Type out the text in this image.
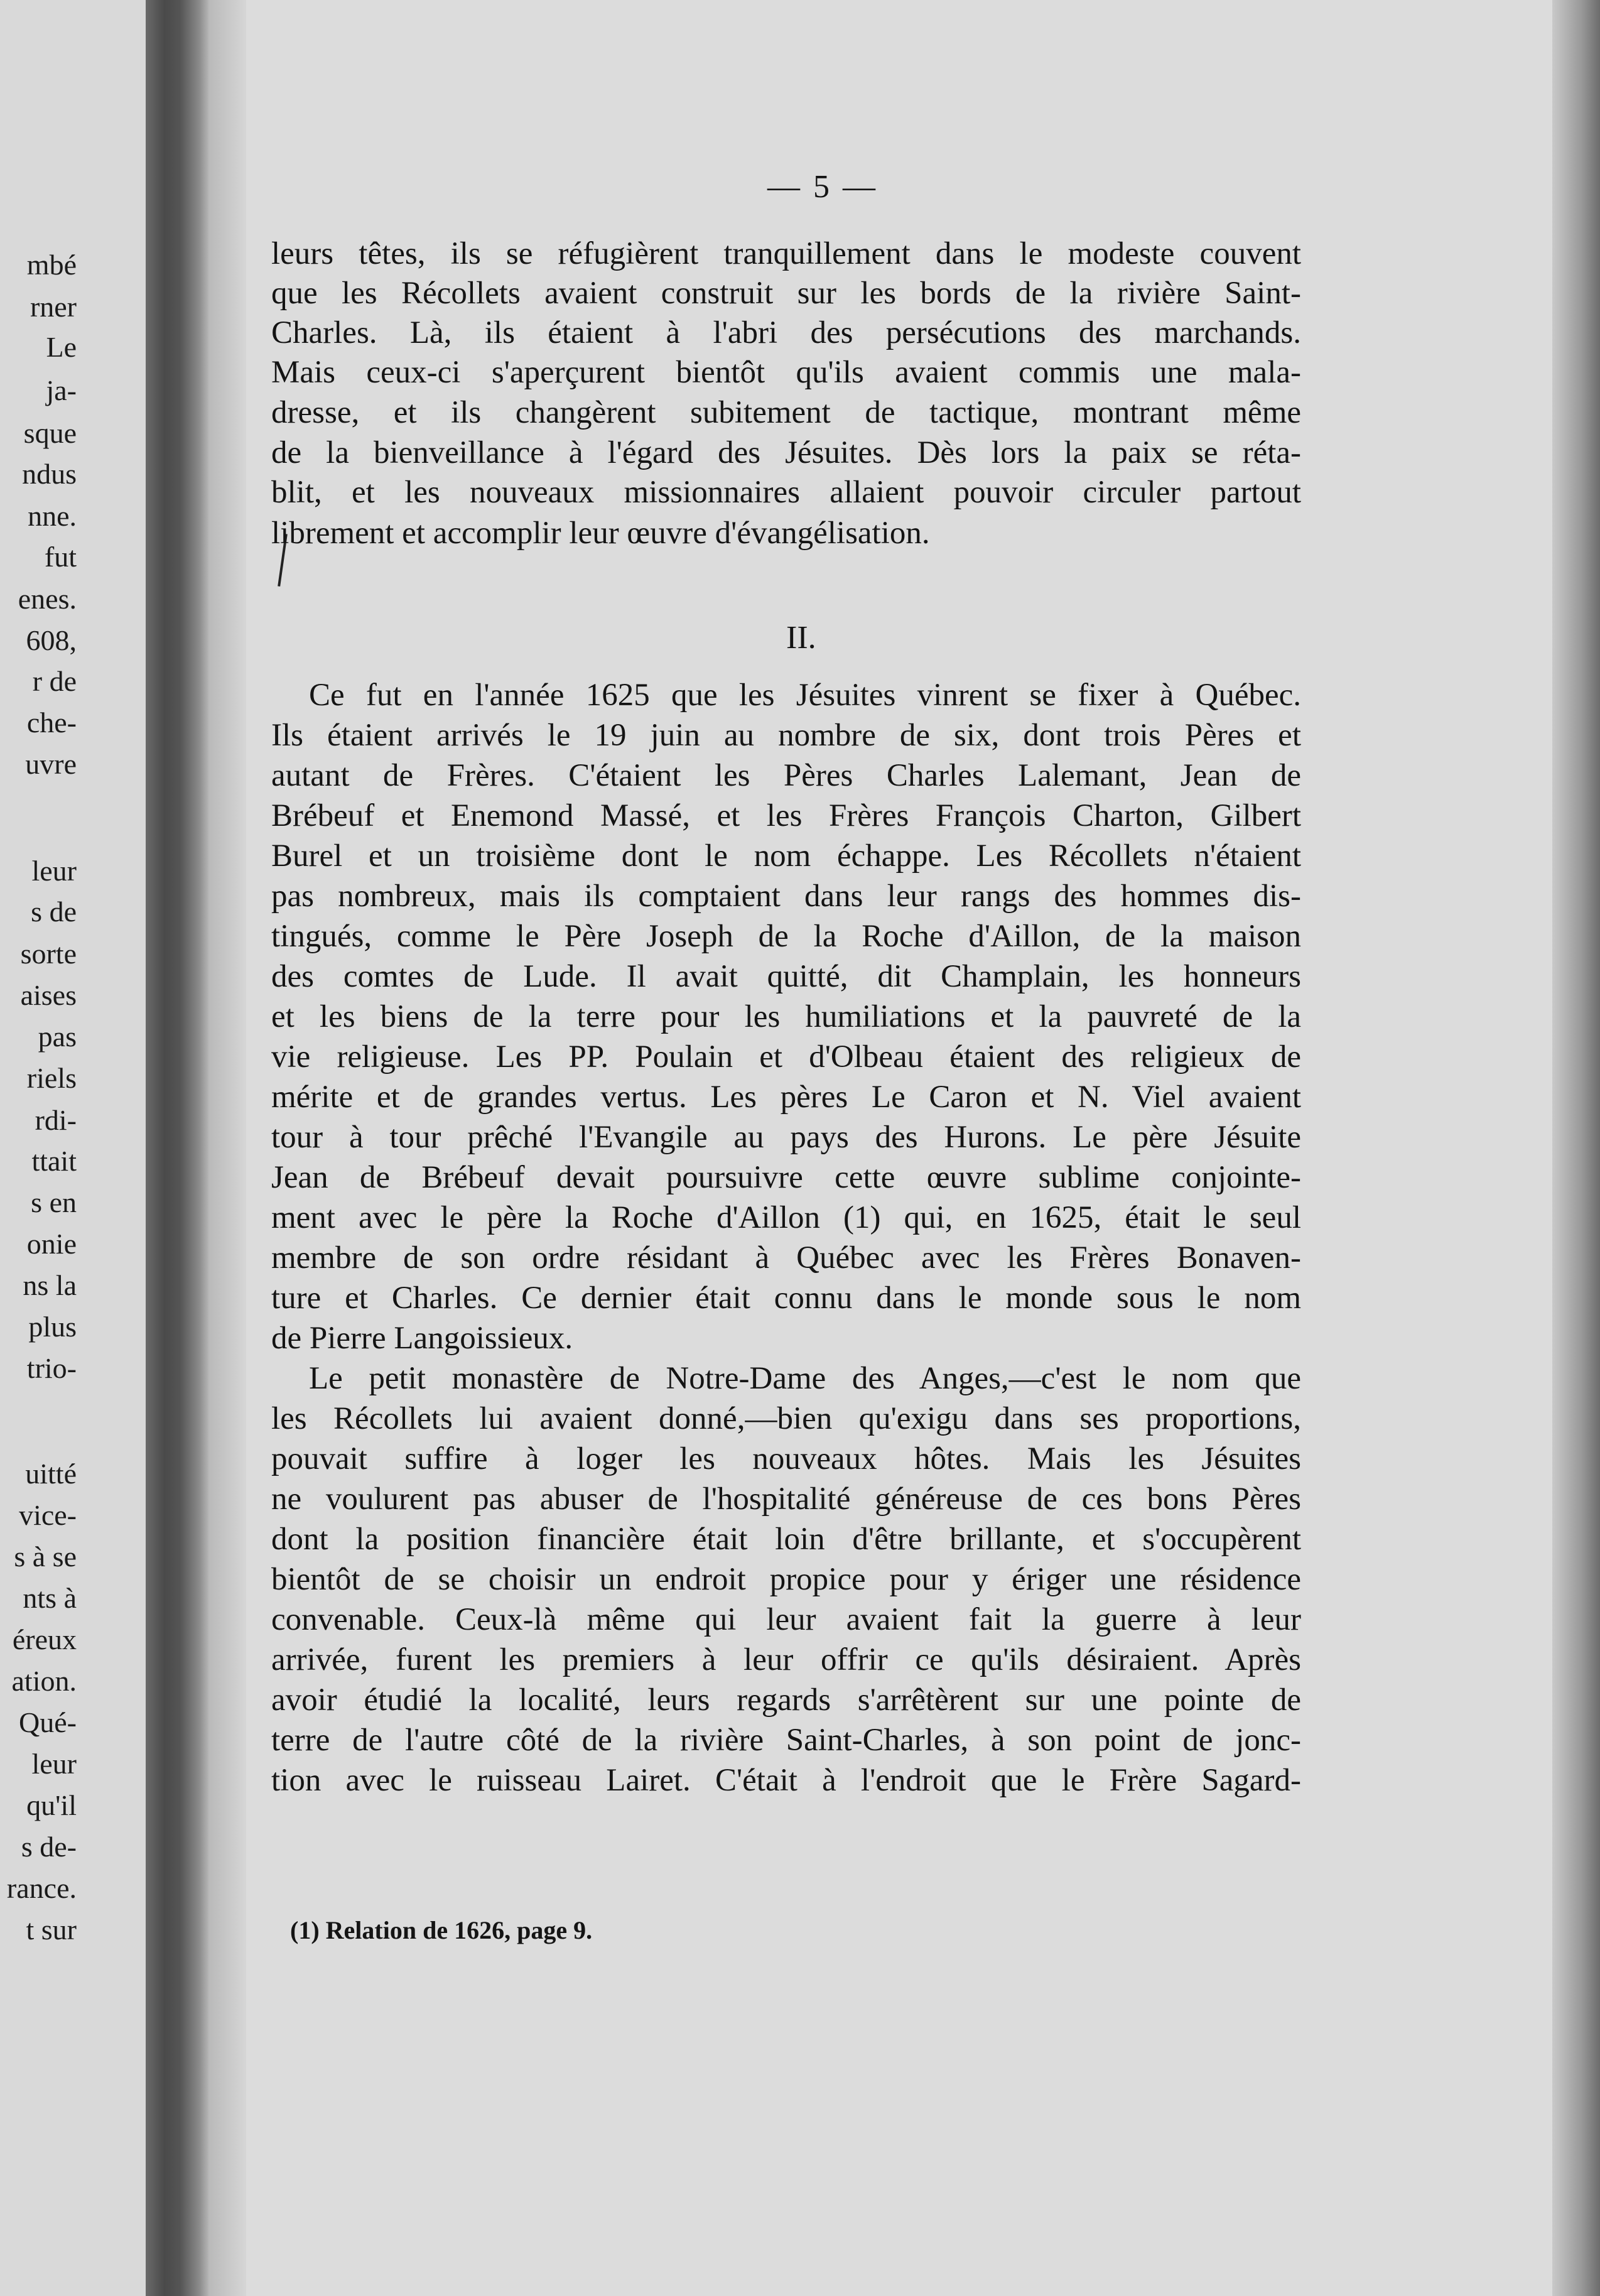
mbé
rner
Le
ja-
sque
ndus
nne.
fut
enes.
608,
r de
che-
uvre
leur
s de
sorte
aises
pas
riels
rdi-
ttait
s en
onie
ns la
plus
trio-
uitté
vice-
s à se
nts à
éreux
ation.
Qué-
leur
qu'il
s de-
rance.
t sur
— 5 —
leurs têtes, ils se réfugièrent tranquillement dans le modeste couvent
que les Récollets avaient construit sur les bords de la rivière Saint-
Charles. Là, ils étaient à l'abri des persécutions des marchands.
Mais ceux-ci s'aperçurent bientôt qu'ils avaient commis une mala-
dresse, et ils changèrent subitement de tactique, montrant même
de la bienveillance à l'égard des Jésuites. Dès lors la paix se réta-
blit, et les nouveaux missionnaires allaient pouvoir circuler partout
librement et accomplir leur œuvre d'évangélisation.
Ce fut en l'année 1625 que les Jésuites vinrent se fixer à Québec.
Ils étaient arrivés le 19 juin au nombre de six, dont trois Pères et
autant de Frères. C'étaient les Pères Charles Lalemant, Jean de
Brébeuf et Enemond Massé, et les Frères François Charton, Gilbert
Burel et un troisième dont le nom échappe. Les Récollets n'étaient
pas nombreux, mais ils comptaient dans leur rangs des hommes dis-
tingués, comme le Père Joseph de la Roche d'Aillon, de la maison
des comtes de Lude. Il avait quitté, dit Champlain, les honneurs
et les biens de la terre pour les humiliations et la pauvreté de la
vie religieuse. Les PP. Poulain et d'Olbeau étaient des religieux de
mérite et de grandes vertus. Les pères Le Caron et N. Viel avaient
tour à tour prêché l'Evangile au pays des Hurons. Le père Jésuite
Jean de Brébeuf devait poursuivre cette œuvre sublime conjointe-
ment avec le père la Roche d'Aillon (1) qui, en 1625, était le seul
membre de son ordre résidant à Québec avec les Frères Bonaven-
ture et Charles. Ce dernier était connu dans le monde sous le nom
de Pierre Langoissieux.
Le petit monastère de Notre-Dame des Anges,—c'est le nom que
les Récollets lui avaient donné,—bien qu'exigu dans ses proportions,
pouvait suffire à loger les nouveaux hôtes. Mais les Jésuites
ne voulurent pas abuser de l'hospitalité généreuse de ces bons Pères
dont la position financière était loin d'être brillante, et s'occupèrent
bientôt de se choisir un endroit propice pour y ériger une résidence
convenable. Ceux-là même qui leur avaient fait la guerre à leur
arrivée, furent les premiers à leur offrir ce qu'ils désiraient. Après
avoir étudié la localité, leurs regards s'arrêtèrent sur une pointe de
terre de l'autre côté de la rivière Saint-Charles, à son point de jonc-
tion avec le ruisseau Lairet. C'était à l'endroit que le Frère Sagard-
II.
(1) Relation de 1626, page 9.
